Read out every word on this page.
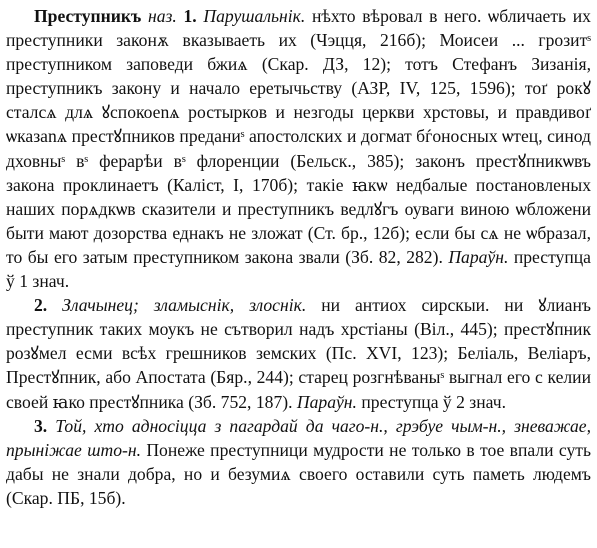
Преступникъ наз. 1. Парушальнік. нѣхто вѣровал в него. ѡбличаеть их преступники законѫ вказываеть их (Чэцця, 216б); Моисеи ... грозитˢ преступником заповеди бжиѧ (Скар. ДЗ, 12); тотъ Стефанъ Зизанія, преступникъ закону и начало еретычьству (АЗР, IV, 125, 1596); тоґ рокꙋ сталсѧ длѧ ꙋспокоеnѧ ростырков и незгоды церкви хрстовы, и правдивоґ ѡказаnѧ престꙋпников преданиˢ апостолских и догмат бѓоносных ѡтец, синод дховныˢ вˢ ферарѣи вˢ флоренции (Бельск., 385); законъ престꙋпникѡвъ закона проклинаетъ (Каліст, I, 170б); такіе ꙗкѡ недбалые постановленых наших порѧдкѡв сказители и преступникъ ведлꙋгъ оуваги виною ѡбложени быти мают дозорства еднакъ не зложат (Ст. бр., 12б); если бы сѧ не ѡбразал, то бы его затым преступником закона звали (Зб. 82, 282). Параўн. преступца ў 1 знач.

2. Злачынец; зламыснік, злоснік. ни антиох сирскыи. ни ꙋлианъ преступник таких моукъ не сътворил надъ хрстіаны (Віл., 445); престꙋпник розꙋмел есми всѣх грешников земских (Пс. XVI, 123); Беліаль, Веліаръ, Престꙋпник, або Апостата (Бяр., 244); старец розгнѣваныˢ выгнал его с келии своей ꙗко престꙋпника (Зб. 752, 187). Параўн. преступца ў 2 знач.

3. Той, хто адносіцца з пагардай да чаго-н., грэбуе чым-н., зневажае, прыніжае што-н. Понеже преступници мудрости не только в тое впали суть дабы не знали добра, но и безумиѧ своего оставили суть паметь людемъ (Скар. ПБ, 15б).
